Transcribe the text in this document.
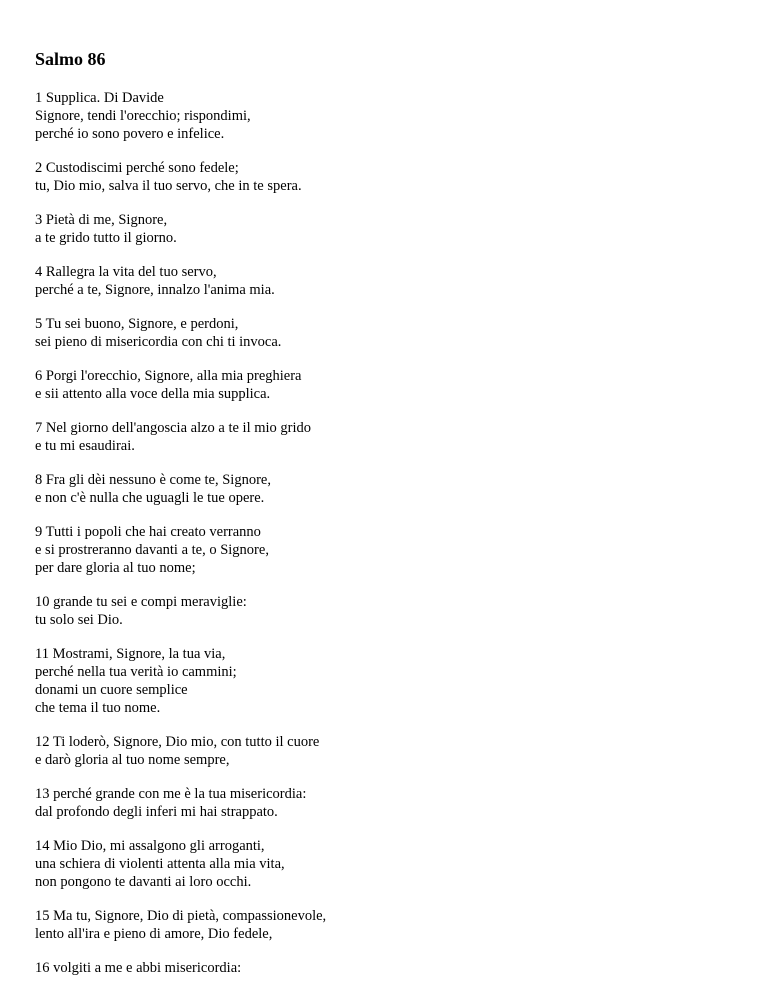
Salmo 86

1 Supplica. Di Davide
Signore, tendi l'orecchio; rispondimi,
perché io sono povero e infelice.

2 Custodiscimi perché sono fedele;
tu, Dio mio, salva il tuo servo, che in te spera.

3 Pietà di me, Signore,
a te grido tutto il giorno.

4 Rallegra la vita del tuo servo,
perché a te, Signore, innalzo l'anima mia.

5 Tu sei buono, Signore, e perdoni,
sei pieno di misericordia con chi ti invoca.

6 Porgi l'orecchio, Signore, alla mia preghiera
e sii attento alla voce della mia supplica.

7 Nel giorno dell'angoscia alzo a te il mio grido
e tu mi esaudirai.

8 Fra gli dèi nessuno è come te, Signore,
e non c'è nulla che uguagli le tue opere.

9 Tutti i popoli che hai creato verranno
e si prostreranno davanti a te, o Signore,
per dare gloria al tuo nome;

10 grande tu sei e compi meraviglie:
tu solo sei Dio.

11 Mostrami, Signore, la tua via,
perché nella tua verità io cammini;
donami un cuore semplice
che tema il tuo nome.

12 Ti loderò, Signore, Dio mio, con tutto il cuore
e darò gloria al tuo nome sempre,

13 perché grande con me è la tua misericordia:
dal profondo degli inferi mi hai strappato.

14 Mio Dio, mi assalgono gli arroganti,
una schiera di violenti attenta alla mia vita,
non pongono te davanti ai loro occhi.

15 Ma tu, Signore, Dio di pietà, compassionevole,
lento all'ira e pieno di amore, Dio fedele,

16 volgiti a me e abbi misericordia:
